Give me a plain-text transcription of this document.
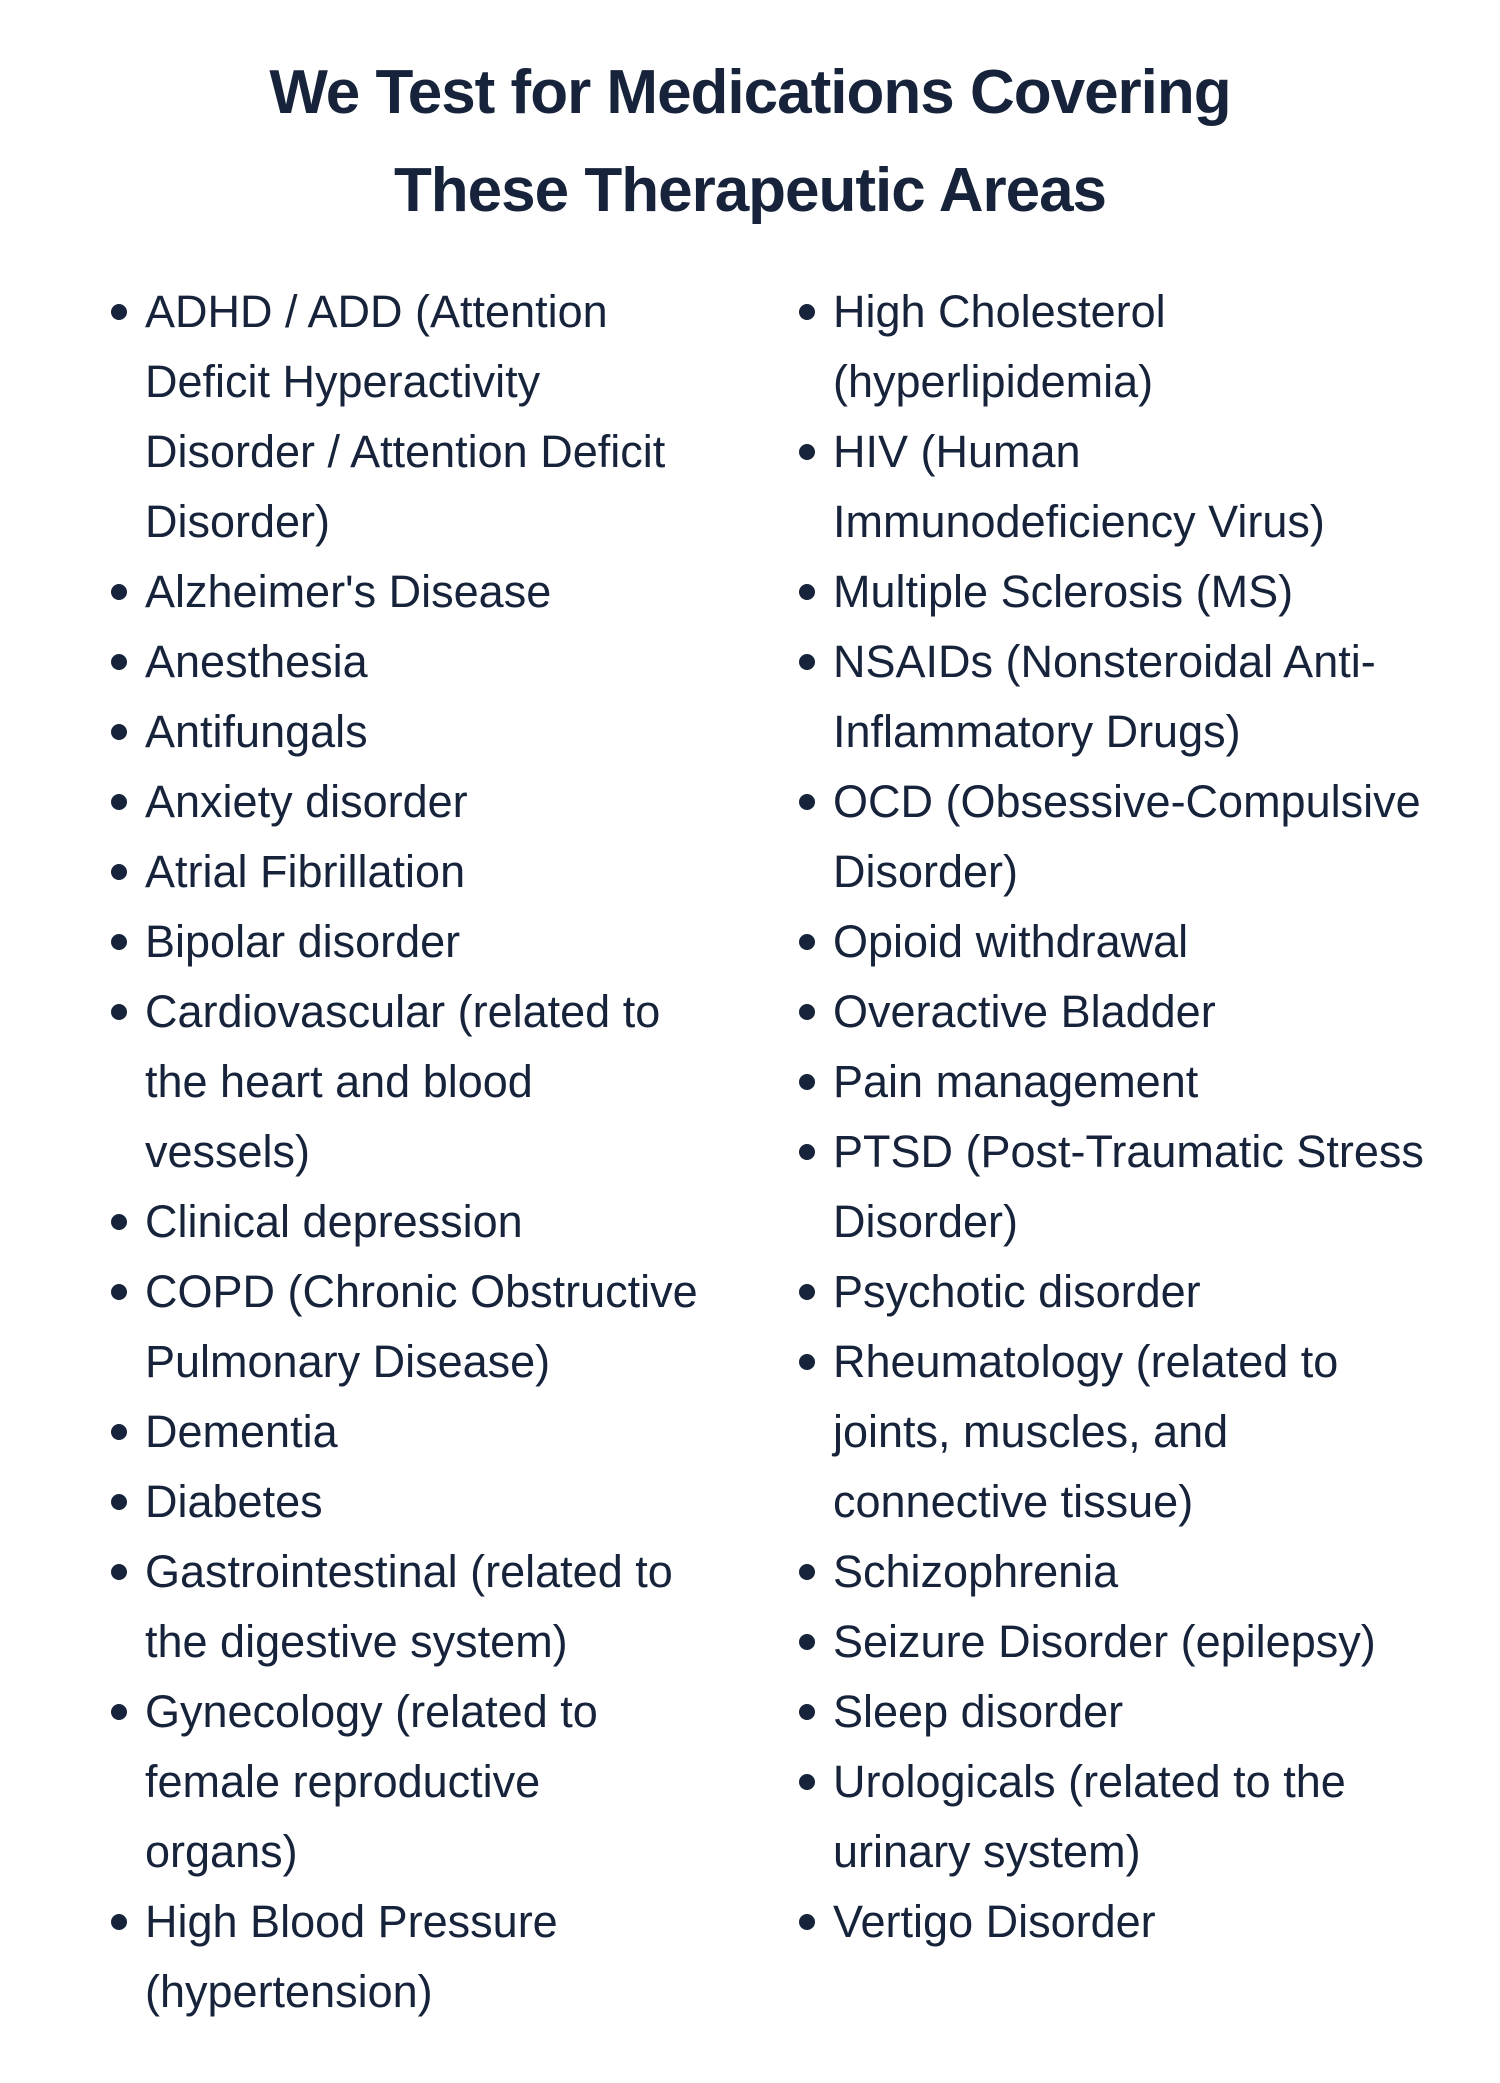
We Test for Medications Covering
These Therapeutic Areas
ADHD / ADD (Attention Deficit Hyperactivity Disorder / Attention Deficit Disorder)
Alzheimer's Disease
Anesthesia
Antifungals
Anxiety disorder
Atrial Fibrillation
Bipolar disorder
Cardiovascular (related to the heart and blood vessels)
Clinical depression
COPD (Chronic Obstructive Pulmonary Disease)
Dementia
Diabetes
Gastrointestinal (related to the digestive system)
Gynecology (related to female reproductive organs)
High Blood Pressure (hypertension)
High Cholesterol (hyperlipidemia)
HIV (Human Immunodeficiency Virus)
Multiple Sclerosis (MS)
NSAIDs (Nonsteroidal Anti-Inflammatory Drugs)
OCD (Obsessive-Compulsive Disorder)
Opioid withdrawal
Overactive Bladder
Pain management
PTSD (Post-Traumatic Stress Disorder)
Psychotic disorder
Rheumatology (related to joints, muscles, and connective tissue)
Schizophrenia
Seizure Disorder (epilepsy)
Sleep disorder
Urologicals (related to the urinary system)
Vertigo Disorder
